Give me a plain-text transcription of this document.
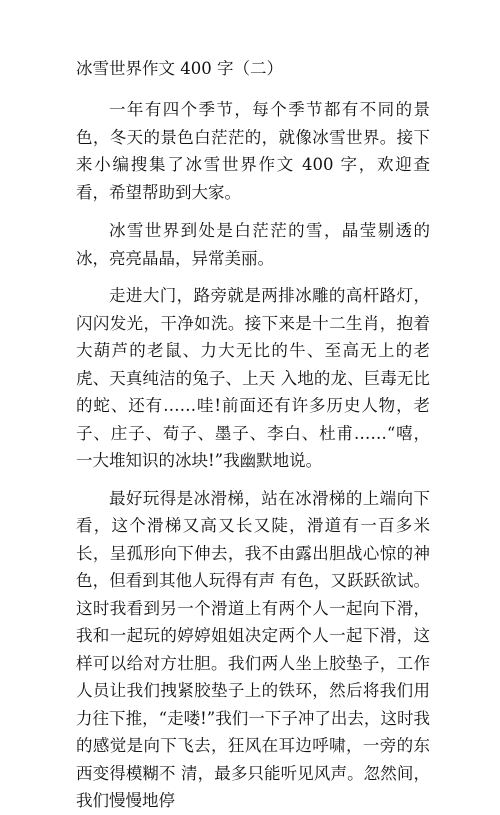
冰雪世界作文 400 字（二）

一年有四个季节，每个季节都有不同的景色，冬天的景色白茫茫的，就像冰雪世界。接下来小编搜集了冰雪世界作文 400 字，欢迎查看，希望帮助到大家。

冰雪世界到处是白茫茫的雪，晶莹剔透的冰，亮亮晶晶，异常美丽。

走进大门，路旁就是两排冰雕的高杆路灯，闪闪发光，干净如洗。接下来是十二生肖，抱着大葫芦的老鼠、力大无比的牛、至高无上的老虎、天真纯洁的兔子、上天 入地的龙、巨毒无比的蛇、还有……哇!前面还有许多历史人物，老子、庄子、荀子、墨子、李白、杜甫……“嘻，一大堆知识的冰块!”我幽默地说。

最好玩得是冰滑梯，站在冰滑梯的上端向下看，这个滑梯又高又长又陡，滑道有一百多米长，呈孤形向下伸去，我不由露出胆战心惊的神色，但看到其他人玩得有声 有色，又跃跃欲试。这时我看到另一个滑道上有两个人一起向下滑，我和一起玩的婷婷姐姐决定两个人一起下滑，这样可以给对方壮胆。我们两人坐上胶垫子，工作 人员让我们拽紧胶垫子上的铁环，然后将我们用力往下推，“走喽!”我们一下子冲了出去，这时我的感觉是向下飞去，狂风在耳边呼啸，一旁的东西变得模糊不 清，最多只能听见风声。忽然间，我们慢慢地停
